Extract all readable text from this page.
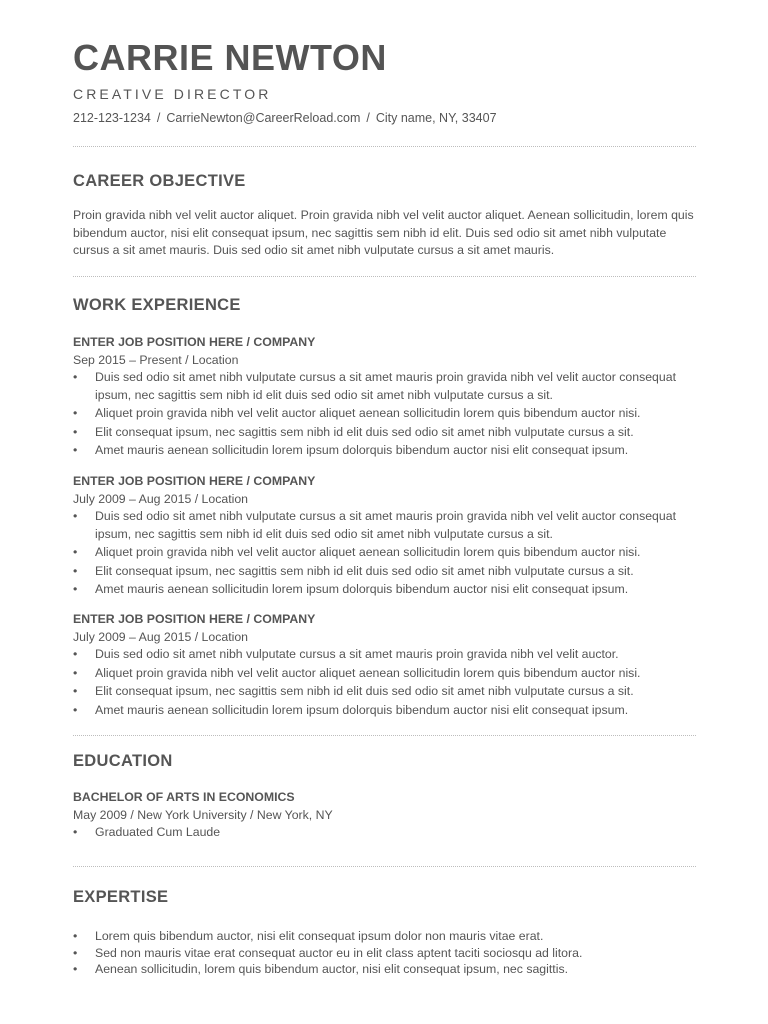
CARRIE NEWTON
CREATIVE DIRECTOR
212-123-1234 / CarrieNewton@CareerReload.com / City name, NY, 33407
CAREER OBJECTIVE
Proin gravida nibh vel velit auctor aliquet. Proin gravida nibh vel velit auctor aliquet. Aenean sollicitudin, lorem quis bibendum auctor, nisi elit consequat ipsum, nec sagittis sem nibh id elit. Duis sed odio sit amet nibh vulputate cursus a sit amet mauris. Duis sed odio sit amet nibh vulputate cursus a sit amet mauris.
WORK EXPERIENCE
ENTER JOB POSITION HERE / COMPANY
Sep 2015 – Present / Location
•	Duis sed odio sit amet nibh vulputate cursus a sit amet mauris proin gravida nibh vel velit auctor consequat ipsum, nec sagittis sem nibh id elit duis sed odio sit amet nibh vulputate cursus a sit.
•	Aliquet proin gravida nibh vel velit auctor aliquet aenean sollicitudin lorem quis bibendum auctor nisi.
•	Elit consequat ipsum, nec sagittis sem nibh id elit duis sed odio sit amet nibh vulputate cursus a sit.
•	Amet mauris aenean sollicitudin lorem ipsum dolorquis bibendum auctor nisi elit consequat ipsum.
ENTER JOB POSITION HERE / COMPANY
July 2009 – Aug 2015 / Location
•	Duis sed odio sit amet nibh vulputate cursus a sit amet mauris proin gravida nibh vel velit auctor consequat ipsum, nec sagittis sem nibh id elit duis sed odio sit amet nibh vulputate cursus a sit.
•	Aliquet proin gravida nibh vel velit auctor aliquet aenean sollicitudin lorem quis bibendum auctor nisi.
•	Elit consequat ipsum, nec sagittis sem nibh id elit duis sed odio sit amet nibh vulputate cursus a sit.
•	Amet mauris aenean sollicitudin lorem ipsum dolorquis bibendum auctor nisi elit consequat ipsum.
ENTER JOB POSITION HERE / COMPANY
July 2009 – Aug 2015 / Location
•	Duis sed odio sit amet nibh vulputate cursus a sit amet mauris proin gravida nibh vel velit auctor.
•	Aliquet proin gravida nibh vel velit auctor aliquet aenean sollicitudin lorem quis bibendum auctor nisi.
•	Elit consequat ipsum, nec sagittis sem nibh id elit duis sed odio sit amet nibh vulputate cursus a sit.
•	Amet mauris aenean sollicitudin lorem ipsum dolorquis bibendum auctor nisi elit consequat ipsum.
EDUCATION
BACHELOR OF ARTS IN ECONOMICS
May 2009 / New York University / New York, NY
•	Graduated Cum Laude
EXPERTISE
• Lorem quis bibendum auctor, nisi elit consequat ipsum dolor non mauris vitae erat.
• Sed non mauris vitae erat consequat auctor eu in elit class aptent taciti sociosqu ad litora.
• Aenean sollicitudin, lorem quis bibendum auctor, nisi elit consequat ipsum, nec sagittis.
